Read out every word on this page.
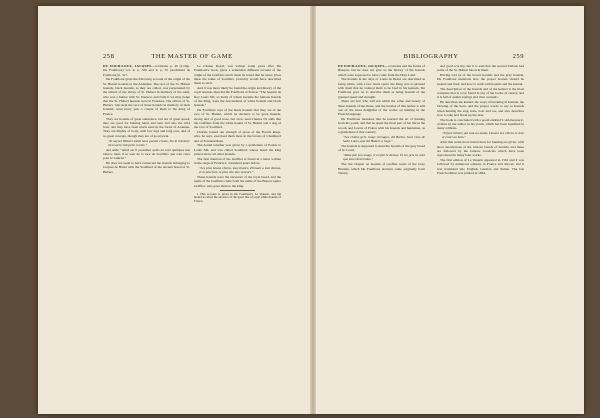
258	THE MASTER OF GAME

DU FOUILLOUX, JACQUES—continued p. 49 (Comp. Du Fouilloux) vol. ii. p. 329 and ii. p. 55 (Archibald de Fouilloux) ii. 317.

Du Fouilloux gives the following account of the origin of the St. Hubert hounds in the Ardennes. The race of the St. Hubert hounds, black hounds, as they are called, was perpetuated by the abbots of the abbey of St. Hubert in memory of the saint, who was a hunter with St. Eustace; and from it we may judge that the St. Hubert hounds were in Flanders. The abbots of St. Hubert, who kept the race of these hounds in memory of their founder, send every year a couple of them to the King of France.

They are hounds of great endurance, but not of great speed; they are good for hunting hares and deer and also the wild boar, and they have been much used in the forest of Ardenne. They are mighty of body, with low legs and long ears, and of no great courage, though they are of good scent.

"In saynct Hubert estoit sans garant crotee, Du le translat: rien sui le soit prim contee."

and adds: "Ainsi est il presumer qu'ils en sont quelques uns blancs, mais il se sont de la race de Souillars que sont ceux pour le vautrait."

He does not seem to have connected the hounds belonging to Jacques de Brézé with the Souillard of the ancient breed of St. Hubert.

Le Chasse Royal, was written some years after Du Fouilloux's book, gives a somewhat different account of the origin of the Greffiers and it must be noted that he never gives these the name of Souillars, probably would have described them as such.

And it was more likely he found the origin and history of the royal hounds, than did Du Fouilloux at Poitou: "The hounds de Roy Louis XII, so many of whom became the famous hounds of the King, were the descendants of white hounds and black hounds."

Du Fouilloux says of the black hounds that they are of the race of St. Hubert, which he declares to be great hounds, strong and of good nose, but slow. And Charles IX adds that the Greffiers from the white hound of St. Hubert and a dog of the race of Souillard.

Charles loaned out strength of prose of the French kings, who, he says, exercised them most in the forests of Chambord and of Fontainebleau.

The hound Greffier was given by a gentleman of Poitou to Louis XII, and was called Souillard, whose breed the king prized above all other hounds.

The first mention of the Greffier is found in a letter written in the reign of Francis I, a hundred years before.

"Les plus beaux chiens, tous blancs, Prenant a tout dessus, et le plus fort, le plus vite aux veneurs."

These hounds were the ancestors of the royal breed, and the name of the Greffiers came from the name of the Breton squire Gréffier, who gave them to the king.

1 This account is given in Du Fouilloux's La Venerie, and the hound is called the ancestor of the great line of royal white hounds of France.

BIBLIOGRAPHY	259

DU FOUILLOUX, JACQUES—continued and the future of Bunyon, but he does not give us the history of the hounds which were supposed to have come from the Holy Land.

The hounds in the days of Louis de Brézé are described as being white, with a few black spots; the King was so pleased with them that he ordered them to be bred in his kennels. Du Fouilloux goes on to describe them as being hounds of the greatest speed and strength.

There are few who will not admit the value and beauty of these hounds of the chase, and the treatise of this author is still one of the most delightful of the works on hunting in the French language.

Du Fouilloux mentions that he learned the art of hunting from his youth, and that he spent the most part of his life in the woods and forests of Poitou with his hounds and huntsmen, as a gentleman of that country.

"Les chiens gris, longs corsages, dit Barbu, Sont ceux de Saint Louis, que dit Hubert a l'age."

The hounds is supposed to describe hounds of the grey breed of St. Louis.

"Mais par son usage, il en fait le dessus, Et les gris ne sont que leurs descendus."

The last chapter on hounds of Greffier treats of the Grey Hounds, which Du Fouilloux declares came originally from Tartary.

and good scarcity, but it is said that the second Talbots had some of the St. Hubert blood in them.

Having told us of the brown hounds and the grey hounds, Du Fouilloux mentions how the proper hounds should be treated and bred, and how to walk with hounds and the kennel.

The description of the hounds and of the kennel is the most complete that is to be found in any of the books of venery, and it is full of quaint sayings and wise counsels.

He describes the kennel, the ways of breaking in hounds, the blowing of the horn, and the proper words to say to hounds when hunting the stag, hare, boar and roe, and also describes how to take and break up the deer.

The book is concluded with a poem entitled 'L'Adolescence', written by the author in his youth, which has been reprinted in many editions.

"Il faut l'aimer, qui tout au matin, Devant ses chiens se leve et court au bois."

After that some more instructions for hunting are given, with short descriptions of the various breeds of hounds, and these are followed by the famous woodcuts which have been reproduced in many later works.

The first edition of La Venerie appeared in 1561 and it was followed by numerous editions in France and abroad, and it was translated into English, German and Italian. The last French edition was printed in 1864.
